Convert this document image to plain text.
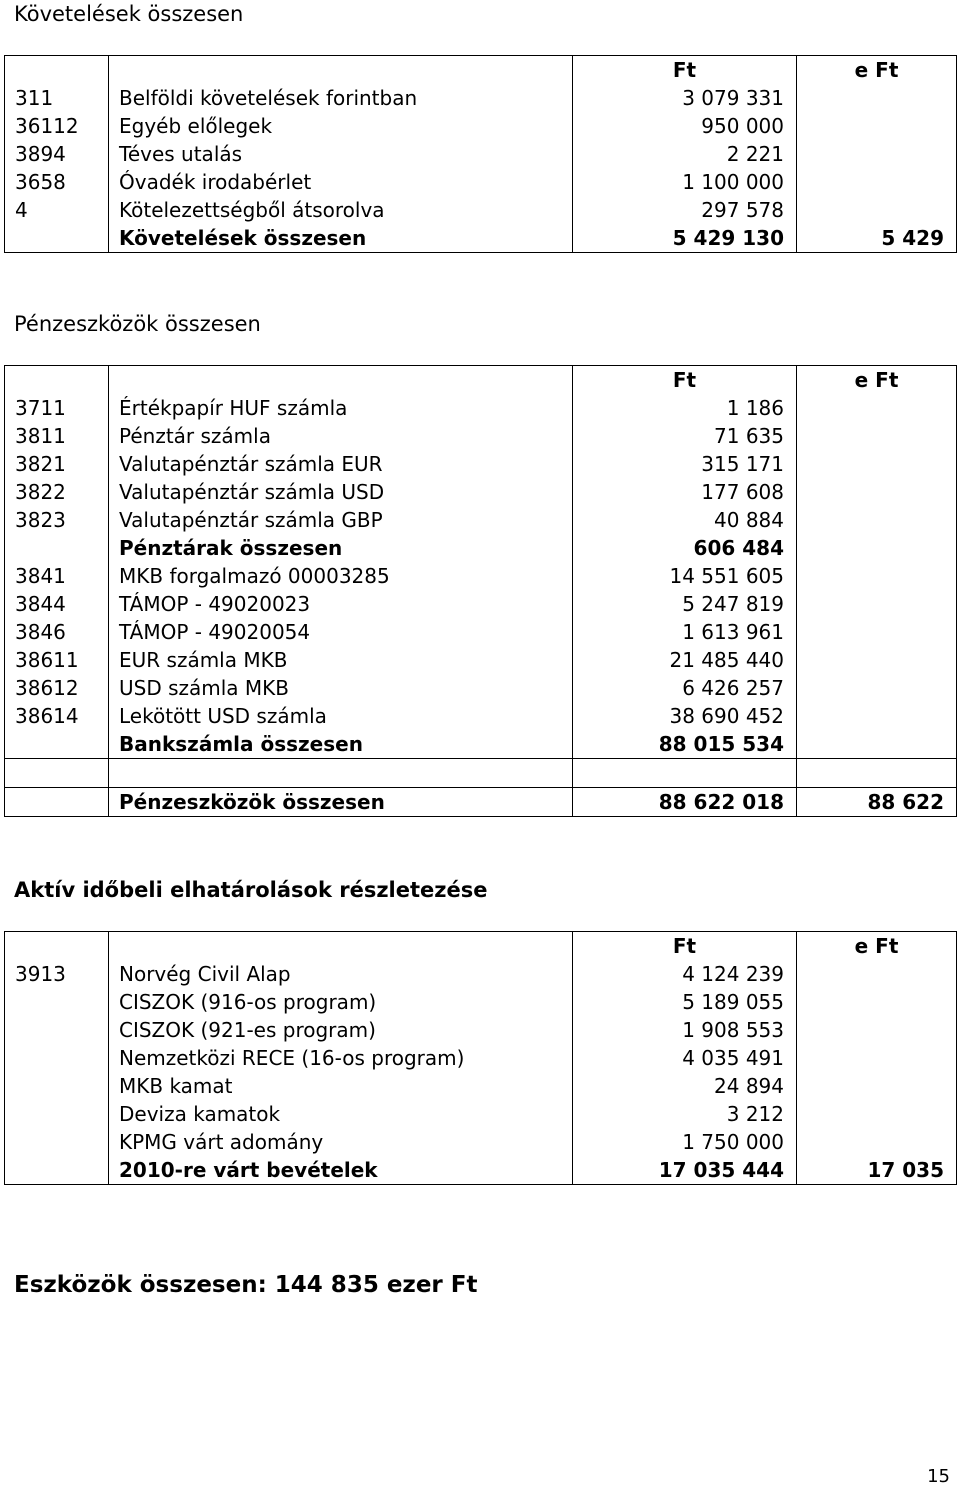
Követelések összesen
		Ft	e Ft
311	Belföldi követelések forintban	3 079 331	
36112	Egyéb előlegek	950 000	
3894	Téves utalás	2 221	
3658	Óvadék irodabérlet	1 100 000	
4	Kötelezettségből átsorolva	297 578	
	Követelések összesen	5 429 130	5 429
Pénzeszközök összesen
		Ft	e Ft
3711	Értékpapír HUF számla	1 186	
3811	Pénztár számla	71 635	
3821	Valutapénztár számla EUR	315 171	
3822	Valutapénztár számla USD	177 608	
3823	Valutapénztár számla GBP	40 884	
	Pénztárak összesen	606 484	
3841	MKB forgalmazó 00003285	14 551 605	
3844	TÁMOP - 49020023	5 247 819	
3846	TÁMOP - 49020054	1 613 961	
38611	EUR számla MKB	21 485 440	
38612	USD számla MKB	6 426 257	
38614	Lekötött USD számla	38 690 452	
	Bankszámla összesen	88 015 534	

	Pénzeszközök összesen	88 622 018	88 622
Aktív időbeli elhatárolások részletezése
		Ft	e Ft
3913	Norvég Civil Alap	4 124 239	
	CISZOK (916-os program)	5 189 055	
	CISZOK (921-es program)	1 908 553	
	Nemzetközi RECE (16-os program)	4 035 491	
	MKB kamat	24 894	
	Deviza kamatok	3 212	
	KPMG várt adomány	1 750 000	
	2010-re várt bevételek	17 035 444	17 035
Eszközök összesen: 144 835 ezer Ft
15
